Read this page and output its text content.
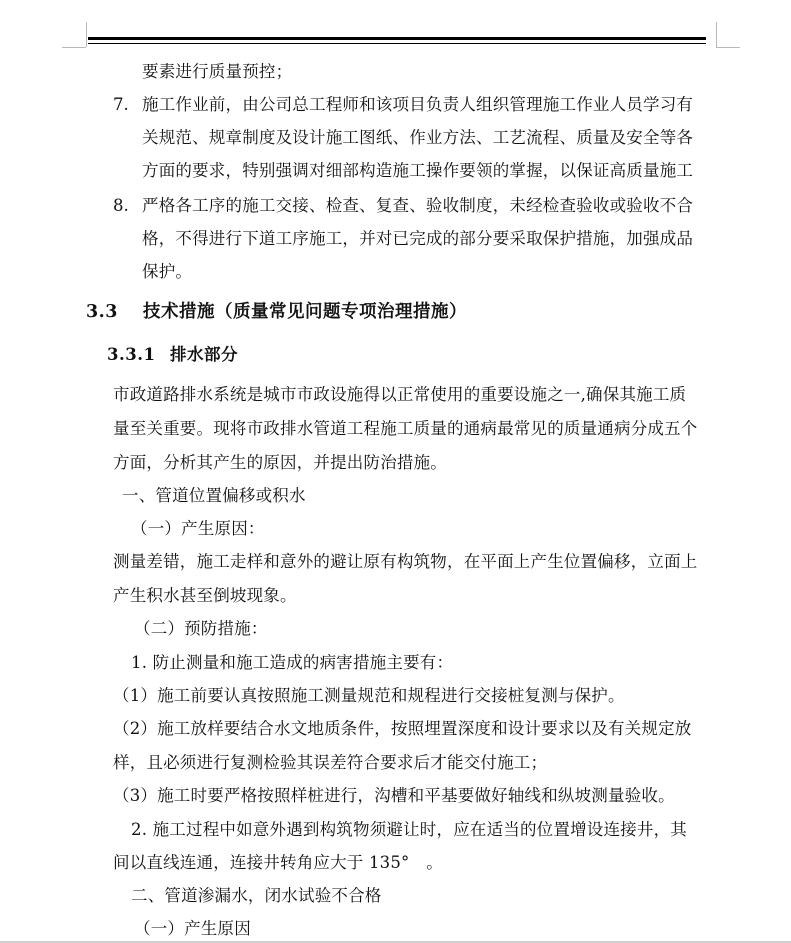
要素进行质量预控；
7. 施工作业前，由公司总工程师和该项目负责人组织管理施工作业人员学习有
关规范、规章制度及设计施工图纸、作业方法、工艺流程、质量及安全等各
方面的要求，特别强调对细部构造施工操作要领的掌握，以保证高质量施工
8. 严格各工序的施工交接、检查、复查、验收制度，未经检查验收或验收不合
格，不得进行下道工序施工，并对已完成的部分要采取保护措施，加强成品
保护。
3.3 技术措施（质量常见问题专项治理措施）
3.3.1 排水部分
市政道路排水系统是城市市政设施得以正常使用的重要设施之一,确保其施工质
量至关重要。现将市政排水管道工程施工质量的通病最常见的质量通病分成五个
方面，分析其产生的原因，并提出防治措施。
一、管道位置偏移或积水
（一）产生原因：
测量差错，施工走样和意外的避让原有构筑物，在平面上产生位置偏移，立面上
产生积水甚至倒坡现象。
（二）预防措施：
1. 防止测量和施工造成的病害措施主要有：
（1）施工前要认真按照施工测量规范和规程进行交接桩复测与保护。
（2）施工放样要结合水文地质条件，按照埋置深度和设计要求以及有关规定放
样，且必须进行复测检验其误差符合要求后才能交付施工；
（3）施工时要严格按照样桩进行，沟槽和平基要做好轴线和纵坡测量验收。
2. 施工过程中如意外遇到构筑物须避让时，应在适当的位置增设连接井，其
间以直线连通，连接井转角应大于 135°　。
二、管道渗漏水，闭水试验不合格
（一）产生原因
